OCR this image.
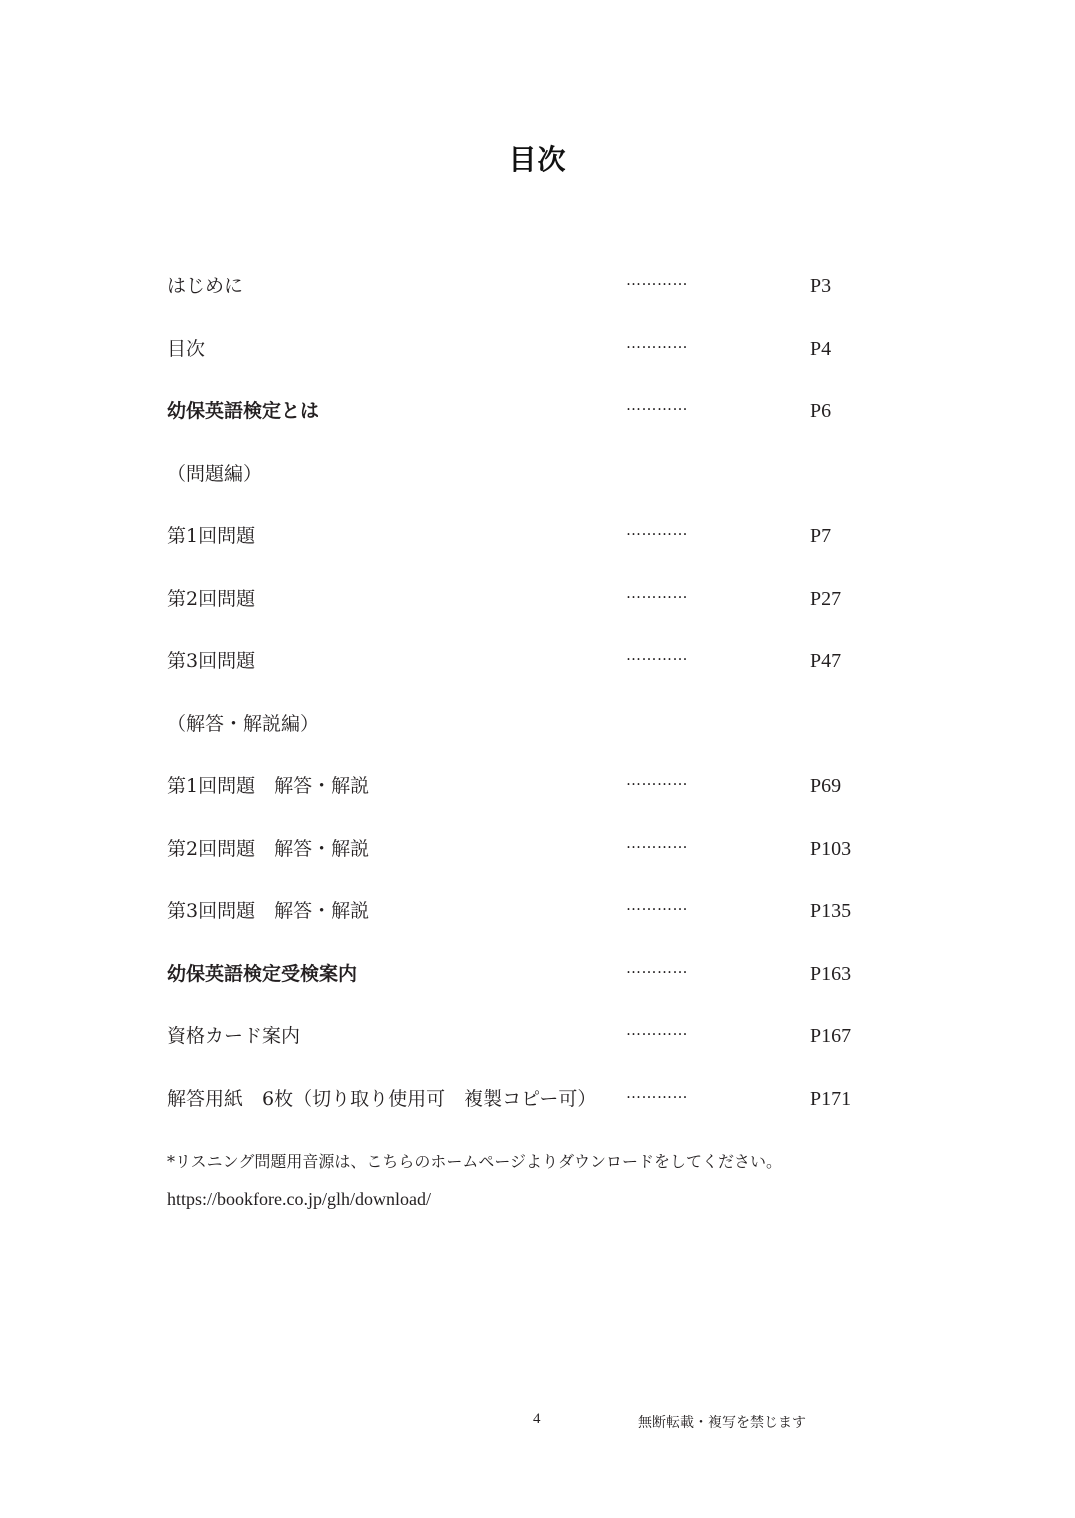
目次
はじめに	…………	P3
目次	…………	P4
幼保英語検定とは	…………	P6
（問題編）
第1回問題	…………	P7
第2回問題	…………	P27
第3回問題	…………	P47
（解答・解説編）
第1回問題　解答・解説	…………	P69
第2回問題　解答・解説	…………	P103
第3回問題　解答・解説	…………	P135
幼保英語検定受検案内	…………	P163
資格カード案内	…………	P167
解答用紙　6枚（切り取り使用可　複製コピー可） …………	P171
*リスニング問題用音源は、こちらのホームページよりダウンロードをしてください。
https://bookfore.co.jp/glh/download/
4	無断転載・複写を禁じます
